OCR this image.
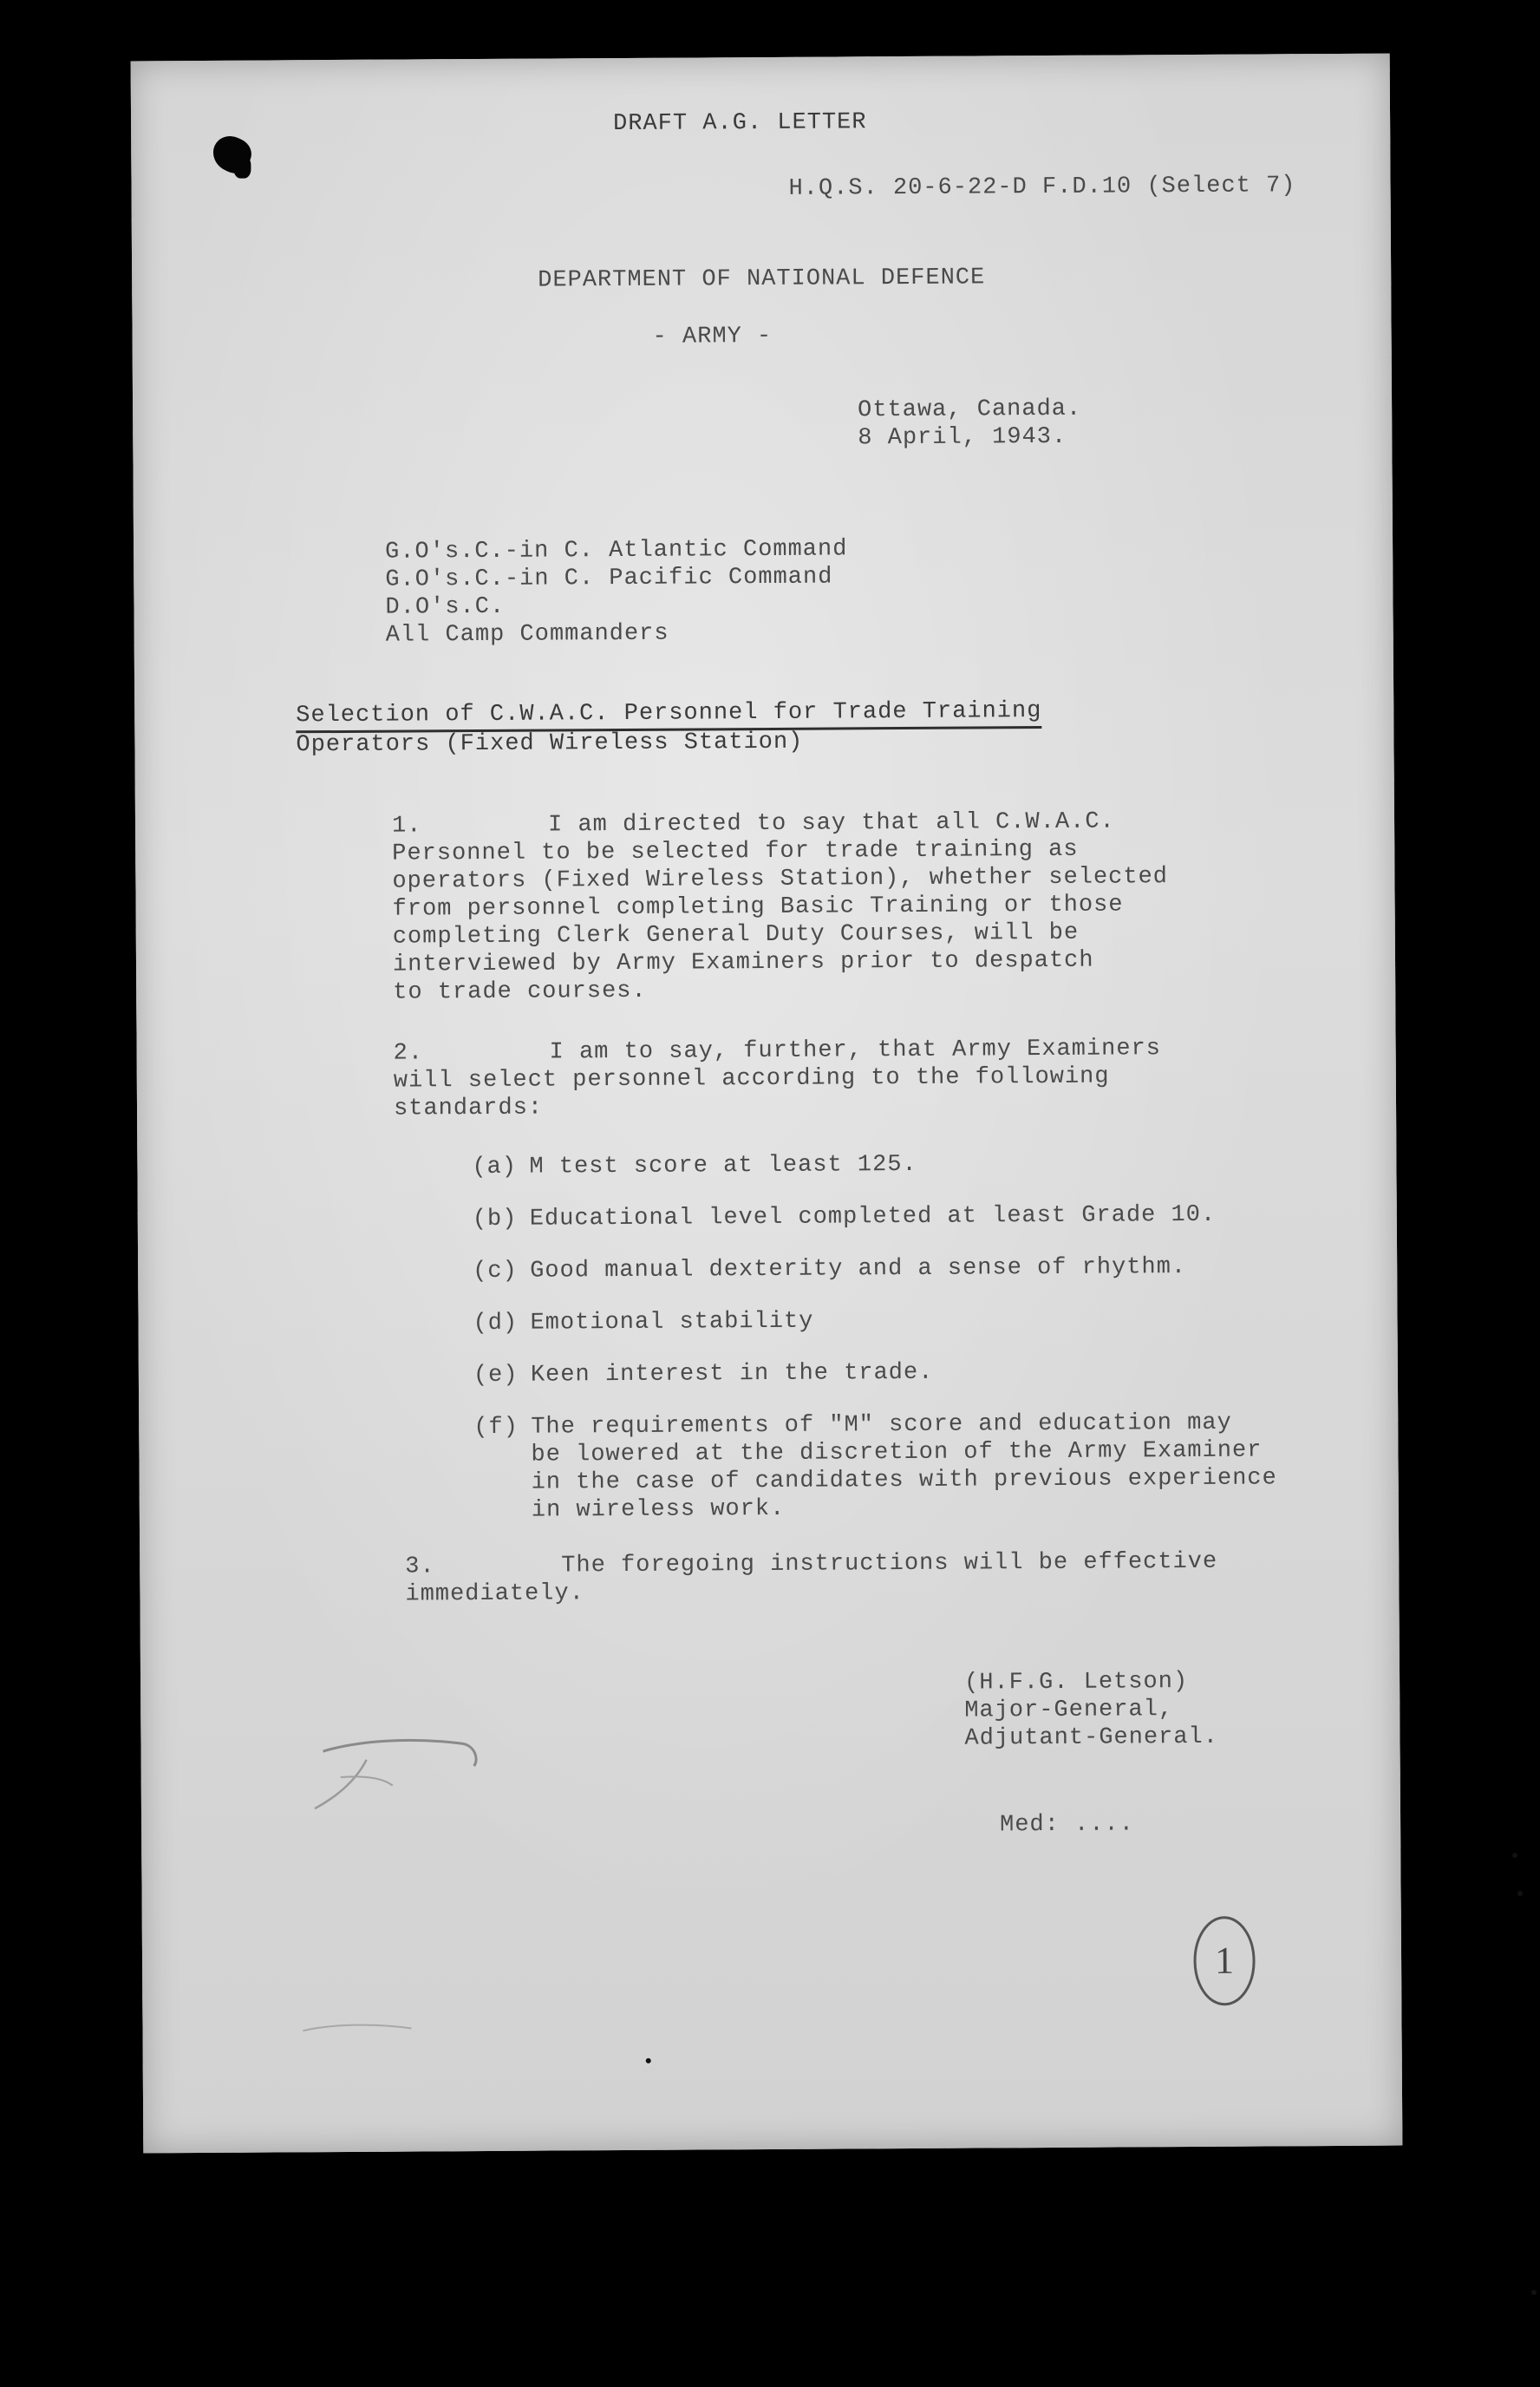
DRAFT A.G. LETTER
H.Q.S. 20-6-22-D F.D.10 (Select 7)
DEPARTMENT OF NATIONAL DEFENCE
- ARMY -
Ottawa, Canada.
8 April, 1943.
G.O's.C.-in C. Atlantic Command
G.O's.C.-in C. Pacific Command
D.O's.C.
All Camp Commanders
Selection of C.W.A.C. Personnel for Trade Training
Operators (Fixed Wireless Station)
1.	I am directed to say that all C.W.A.C.
Personnel to be selected for trade training as
operators (Fixed Wireless Station), whether selected
from personnel completing Basic Training or those
completing Clerk General Duty Courses, will be
interviewed by Army Examiners prior to despatch
to trade courses.
2.	I am to say, further, that Army Examiners
will select personnel according to the following
standards:
(a) M test score at least 125.
(b) Educational level completed at least Grade 10.
(c) Good manual dexterity and a sense of rhythm.
(d) Emotional stability
(e) Keen interest in the trade.
(f) The requirements of "M" score and education may
be lowered at the discretion of the Army Examiner
in the case of candidates with previous experience
in wireless work.
3.	The foregoing instructions will be effective
immediately.
(H.F.G. Letson)
Major-General,
Adjutant-General.
Med: ....
1
